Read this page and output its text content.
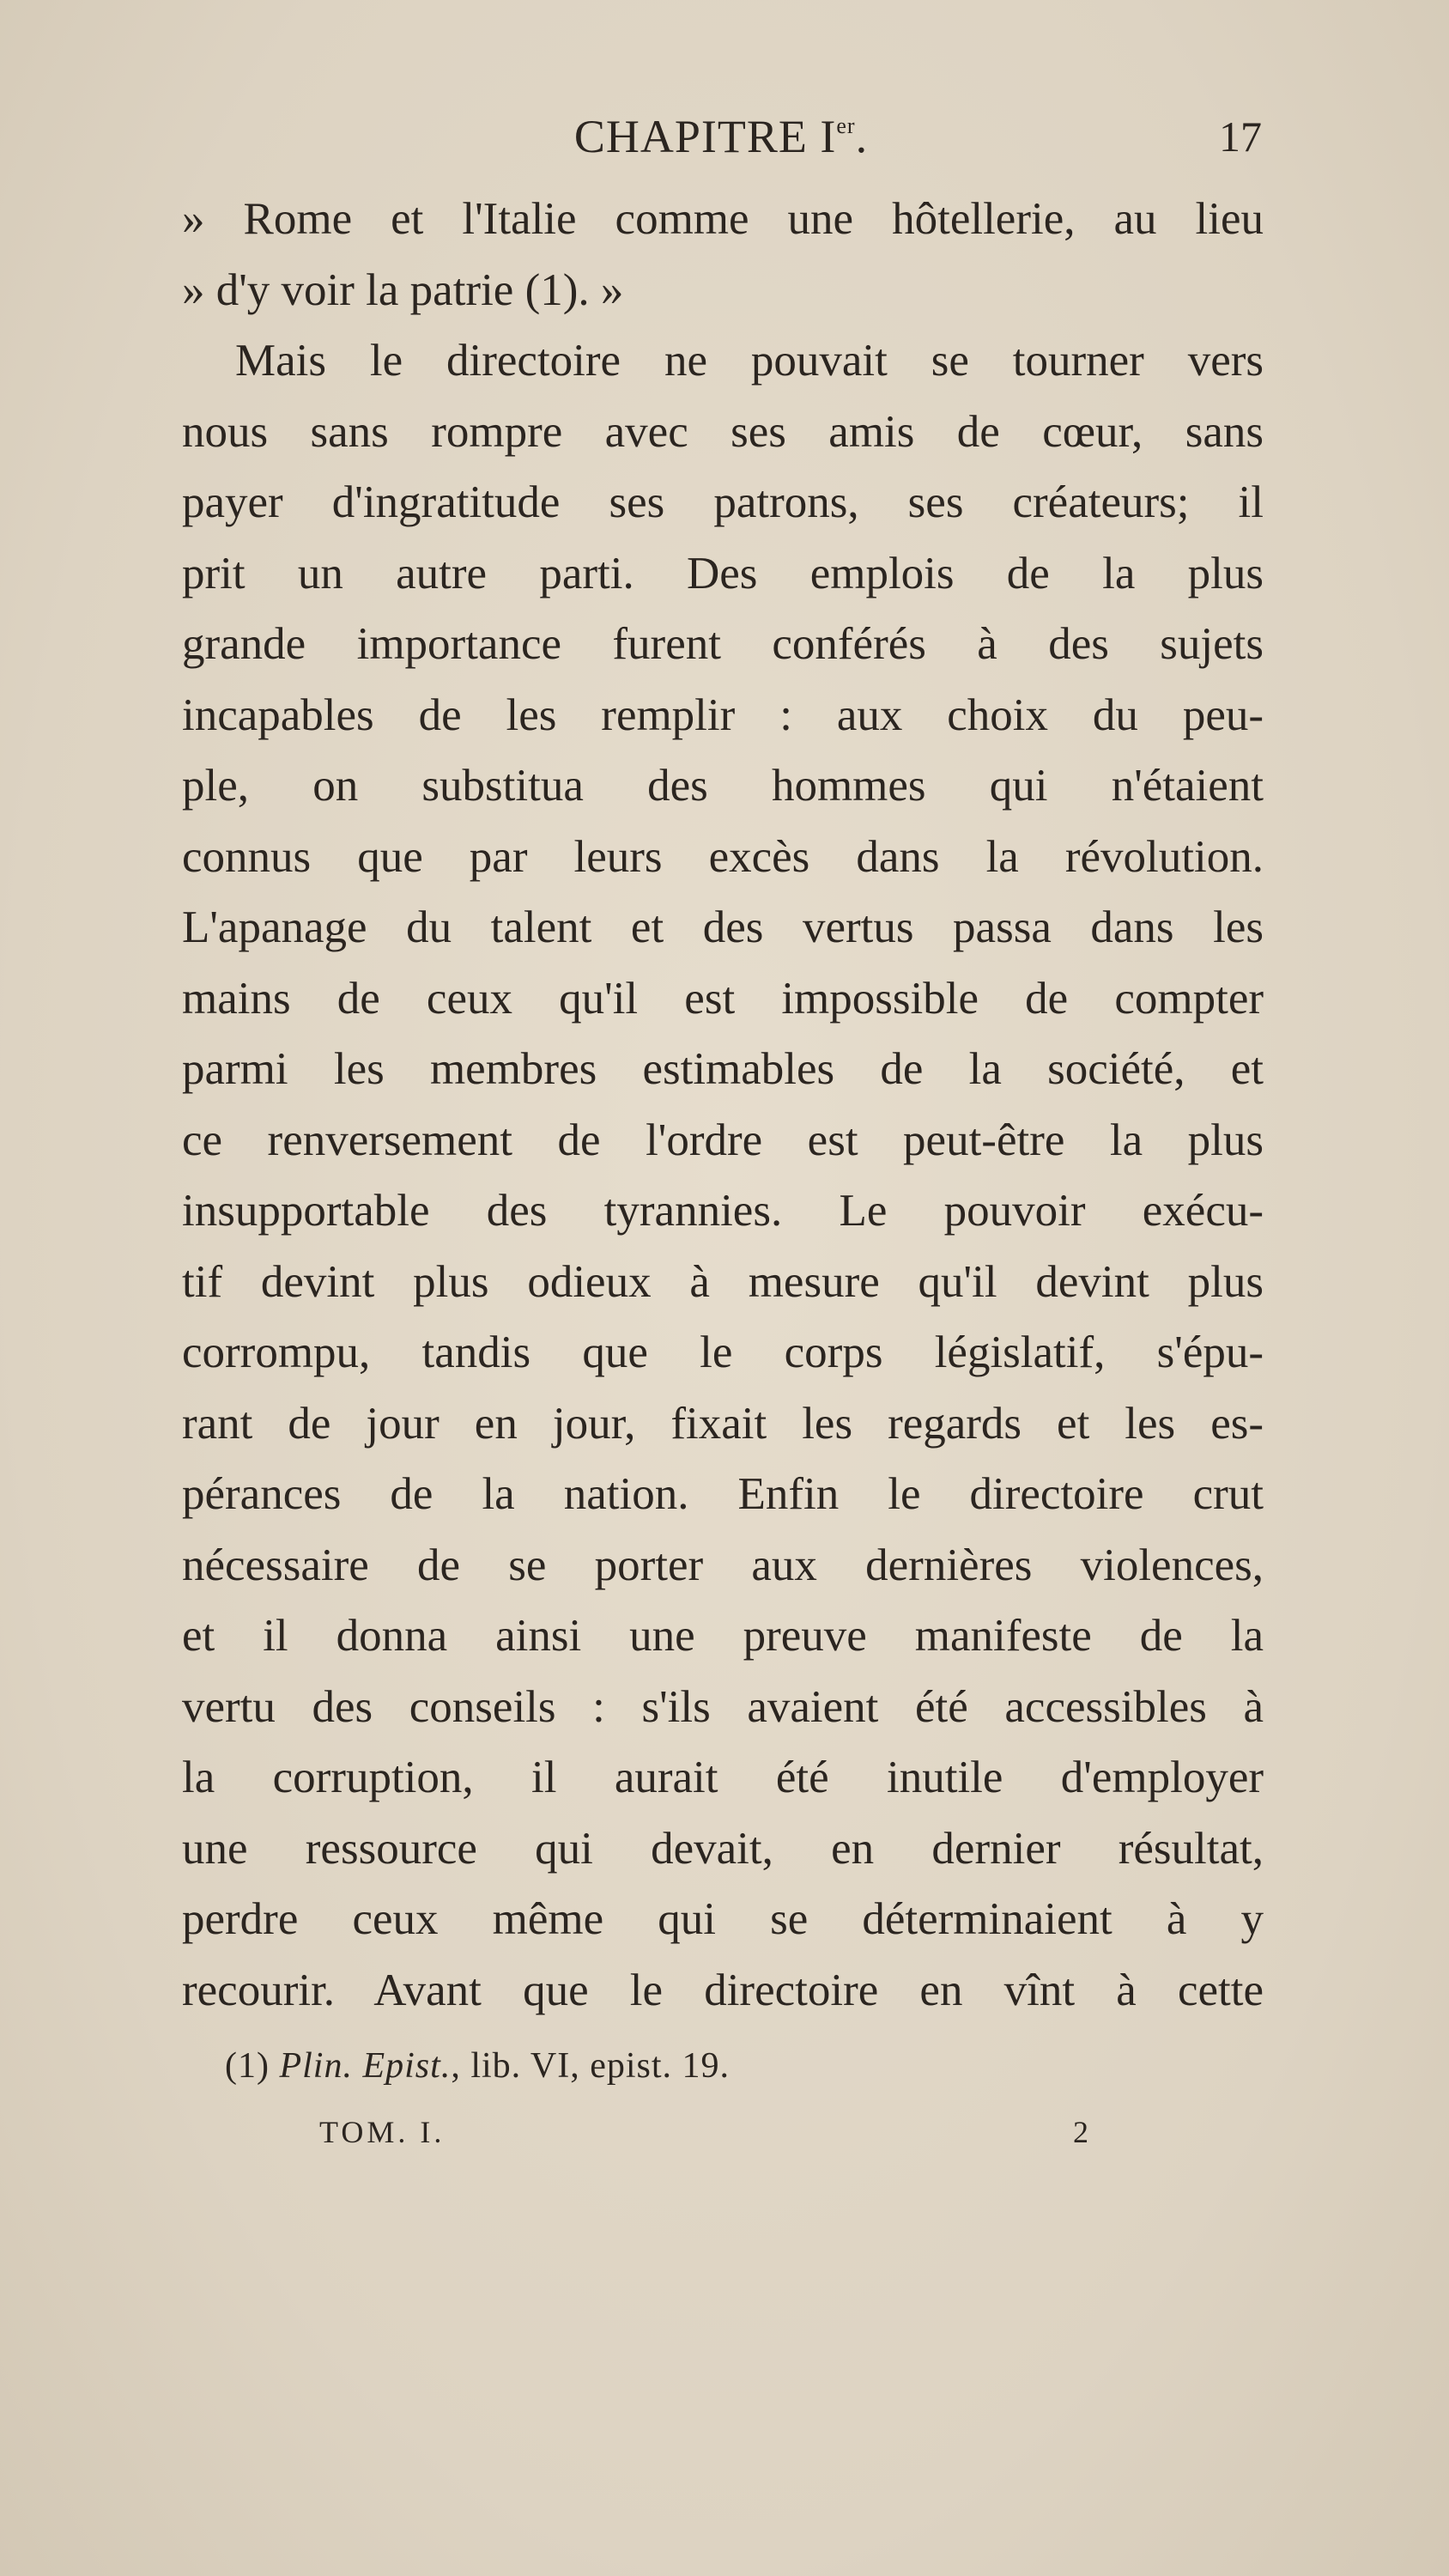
CHAPITRE Ier.	17
» Rome et l'Italie comme une hôtellerie, au lieu
» d'y voir la patrie (1). »
Mais le directoire ne pouvait se tourner vers
nous sans rompre avec ses amis de cœur, sans
payer d'ingratitude ses patrons, ses créateurs; il
prit un autre parti. Des emplois de la plus
grande importance furent conférés à des sujets
incapables de les remplir : aux choix du peu-
ple, on substitua des hommes qui n'étaient
connus que par leurs excès dans la révolution.
L'apanage du talent et des vertus passa dans les
mains de ceux qu'il est impossible de compter
parmi les membres estimables de la société, et
ce renversement de l'ordre est peut-être la plus
insupportable des tyrannies. Le pouvoir exécu-
tif devint plus odieux à mesure qu'il devint plus
corrompu, tandis que le corps législatif, s'épu-
rant de jour en jour, fixait les regards et les es-
pérances de la nation. Enfin le directoire crut
nécessaire de se porter aux dernières violences,
et il donna ainsi une preuve manifeste de la
vertu des conseils : s'ils avaient été accessibles à
la corruption, il aurait été inutile d'employer
une ressource qui devait, en dernier résultat,
perdre ceux même qui se déterminaient à y
recourir. Avant que le directoire en vînt à cette
(1) Plin. Epist., lib. VI, epist. 19.
TOM. I.	2
